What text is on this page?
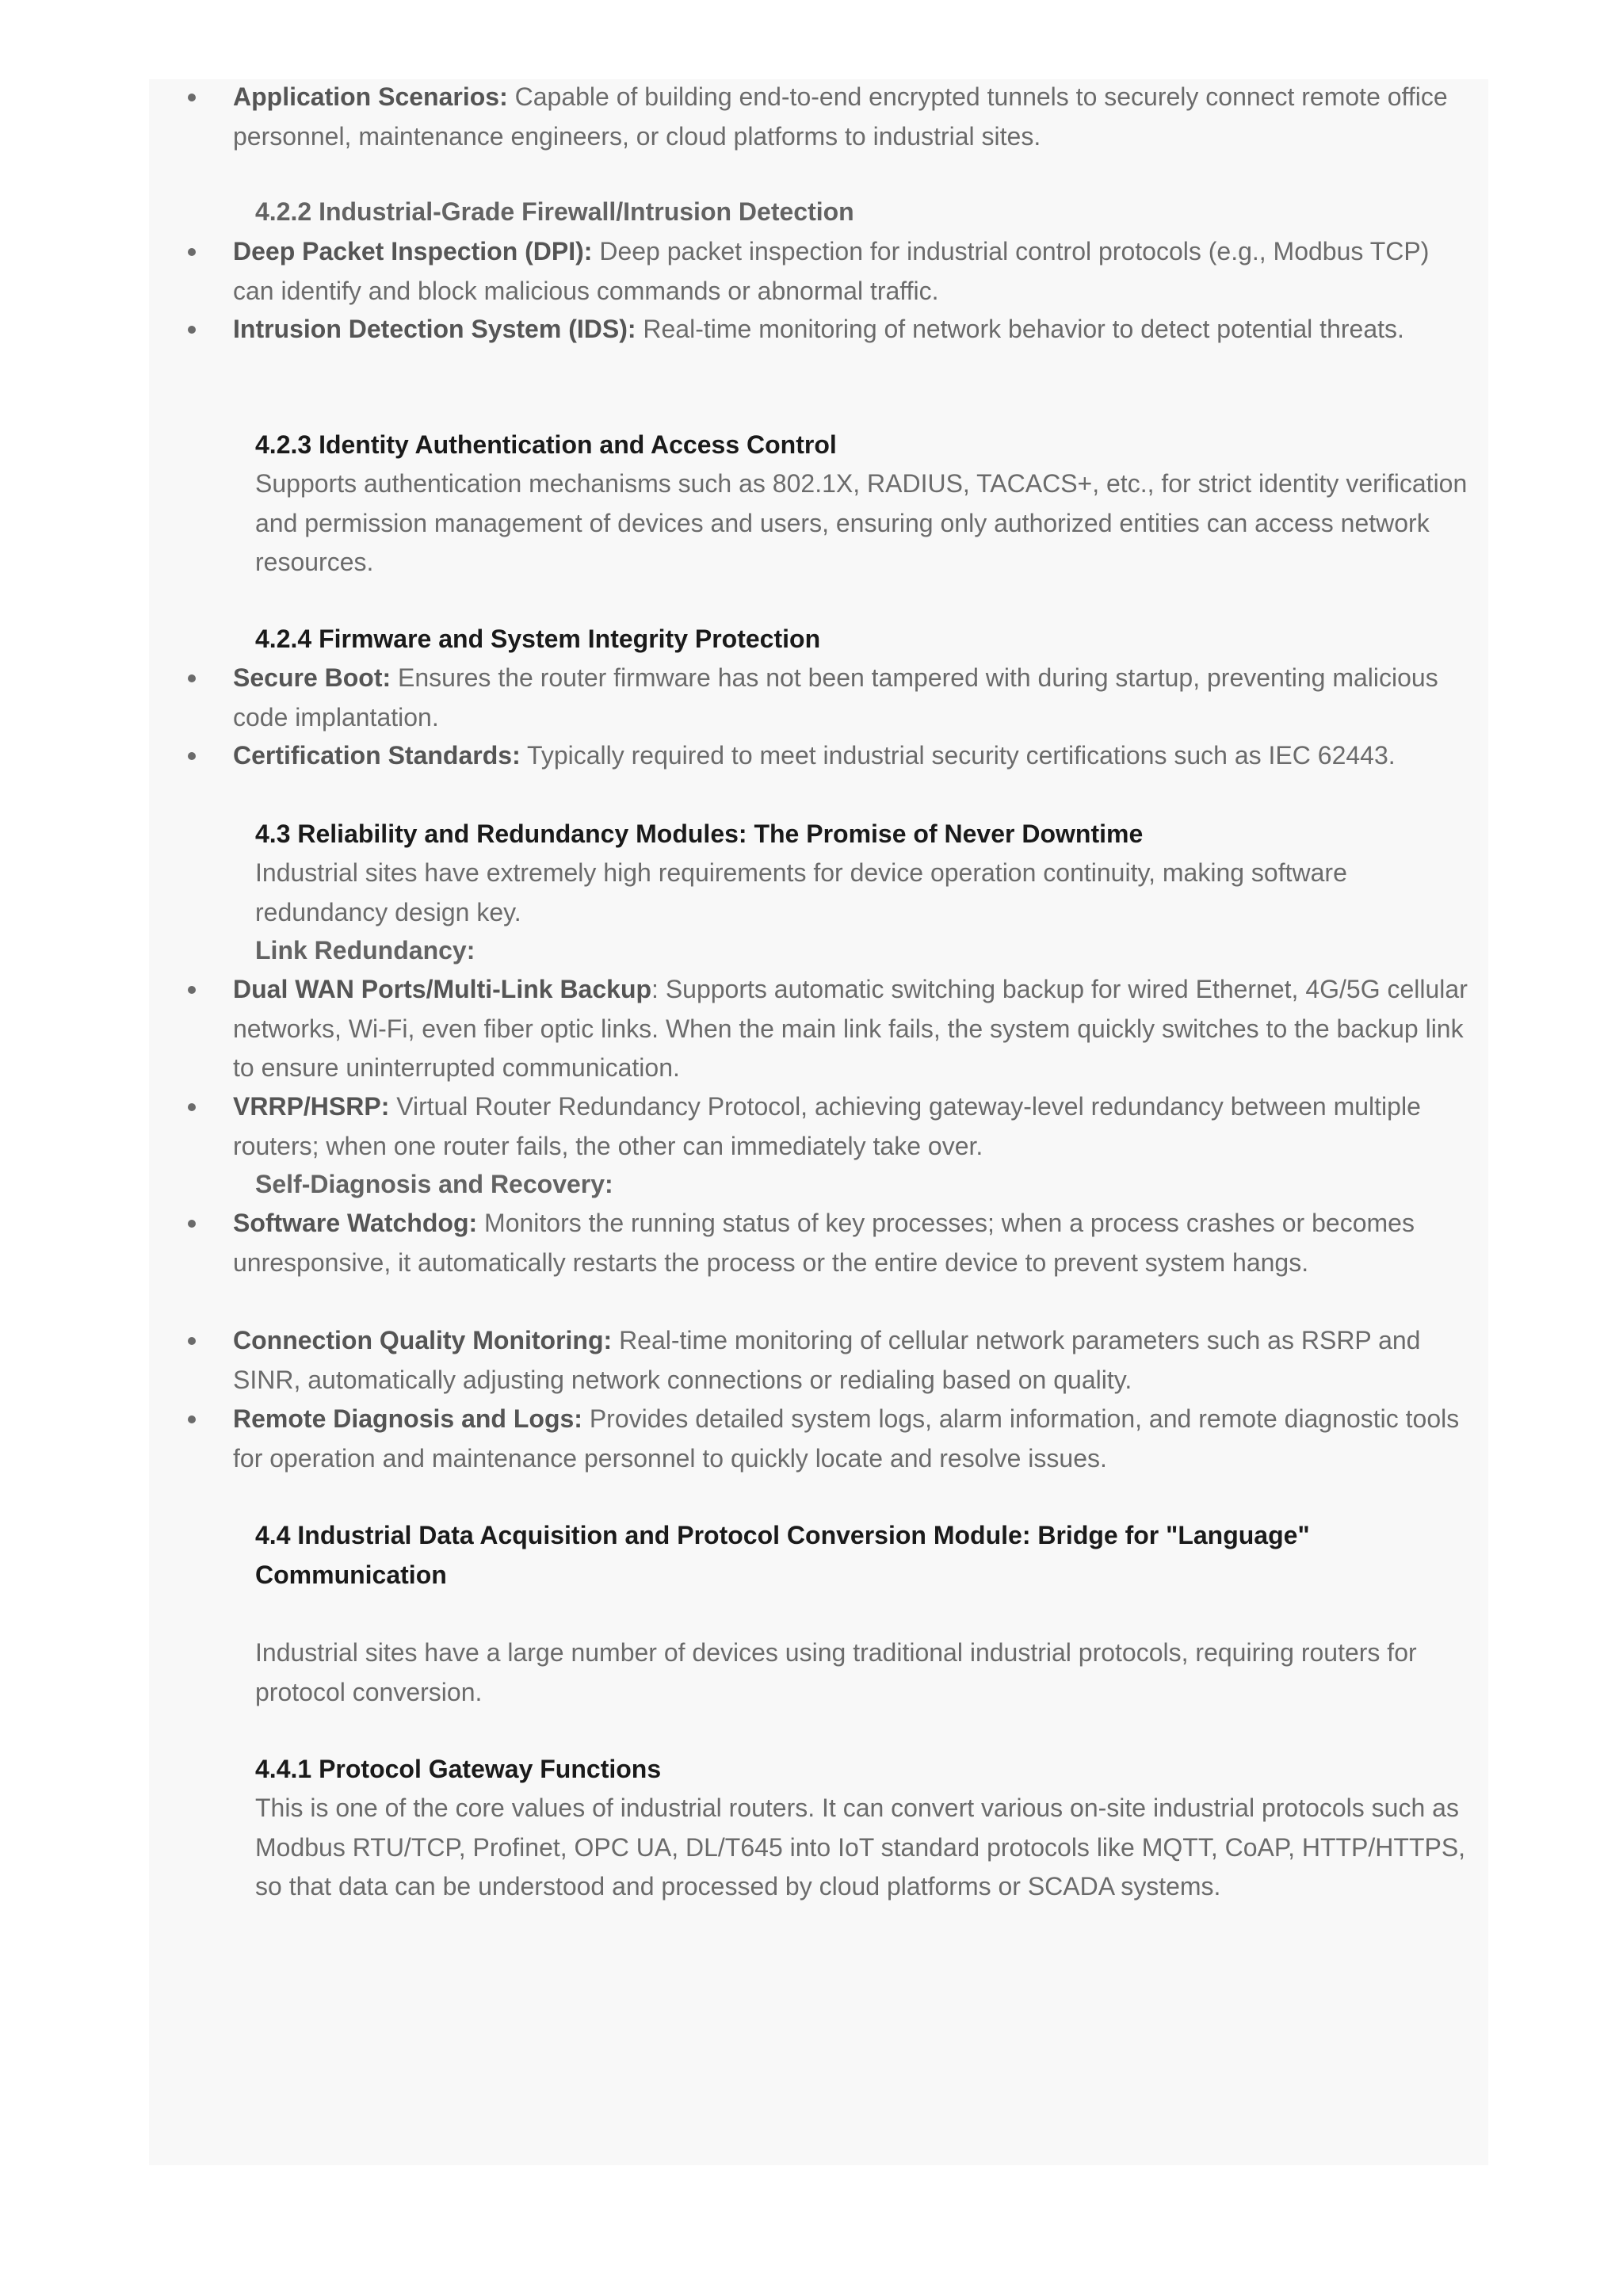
Application Scenarios: Capable of building end-to-end encrypted tunnels to securely connect remote office personnel, maintenance engineers, or cloud platforms to industrial sites.

4.2.2 Industrial-Grade Firewall/Intrusion Detection

Deep Packet Inspection (DPI): Deep packet inspection for industrial control protocols (e.g., Modbus TCP) can identify and block malicious commands or abnormal traffic.

Intrusion Detection System (IDS): Real-time monitoring of network behavior to detect potential threats.

4.2.3 Identity Authentication and Access Control

Supports authentication mechanisms such as 802.1X, RADIUS, TACACS+, etc., for strict identity verification and permission management of devices and users, ensuring only authorized entities can access network resources.

4.2.4 Firmware and System Integrity Protection

Secure Boot: Ensures the router firmware has not been tampered with during startup, preventing malicious code implantation.

Certification Standards: Typically required to meet industrial security certifications such as IEC 62443.

4.3 Reliability and Redundancy Modules: The Promise of Never Downtime

Industrial sites have extremely high requirements for device operation continuity, making software redundancy design key.

Link Redundancy:

Dual WAN Ports/Multi-Link Backup: Supports automatic switching backup for wired Ethernet, 4G/5G cellular networks, Wi-Fi, even fiber optic links. When the main link fails, the system quickly switches to the backup link to ensure uninterrupted communication.

VRRP/HSRP: Virtual Router Redundancy Protocol, achieving gateway-level redundancy between multiple routers; when one router fails, the other can immediately take over.

Self-Diagnosis and Recovery:

Software Watchdog: Monitors the running status of key processes; when a process crashes or becomes unresponsive, it automatically restarts the process or the entire device to prevent system hangs.

Connection Quality Monitoring: Real-time monitoring of cellular network parameters such as RSRP and SINR, automatically adjusting network connections or redialing based on quality.

Remote Diagnosis and Logs: Provides detailed system logs, alarm information, and remote diagnostic tools for operation and maintenance personnel to quickly locate and resolve issues.

4.4 Industrial Data Acquisition and Protocol Conversion Module: Bridge for "Language" Communication

Industrial sites have a large number of devices using traditional industrial protocols, requiring routers for protocol conversion.

4.4.1 Protocol Gateway Functions

This is one of the core values of industrial routers. It can convert various on-site industrial protocols such as Modbus RTU/TCP, Profinet, OPC UA, DL/T645 into IoT standard protocols like MQTT, CoAP, HTTP/HTTPS, so that data can be understood and processed by cloud platforms or SCADA systems.
